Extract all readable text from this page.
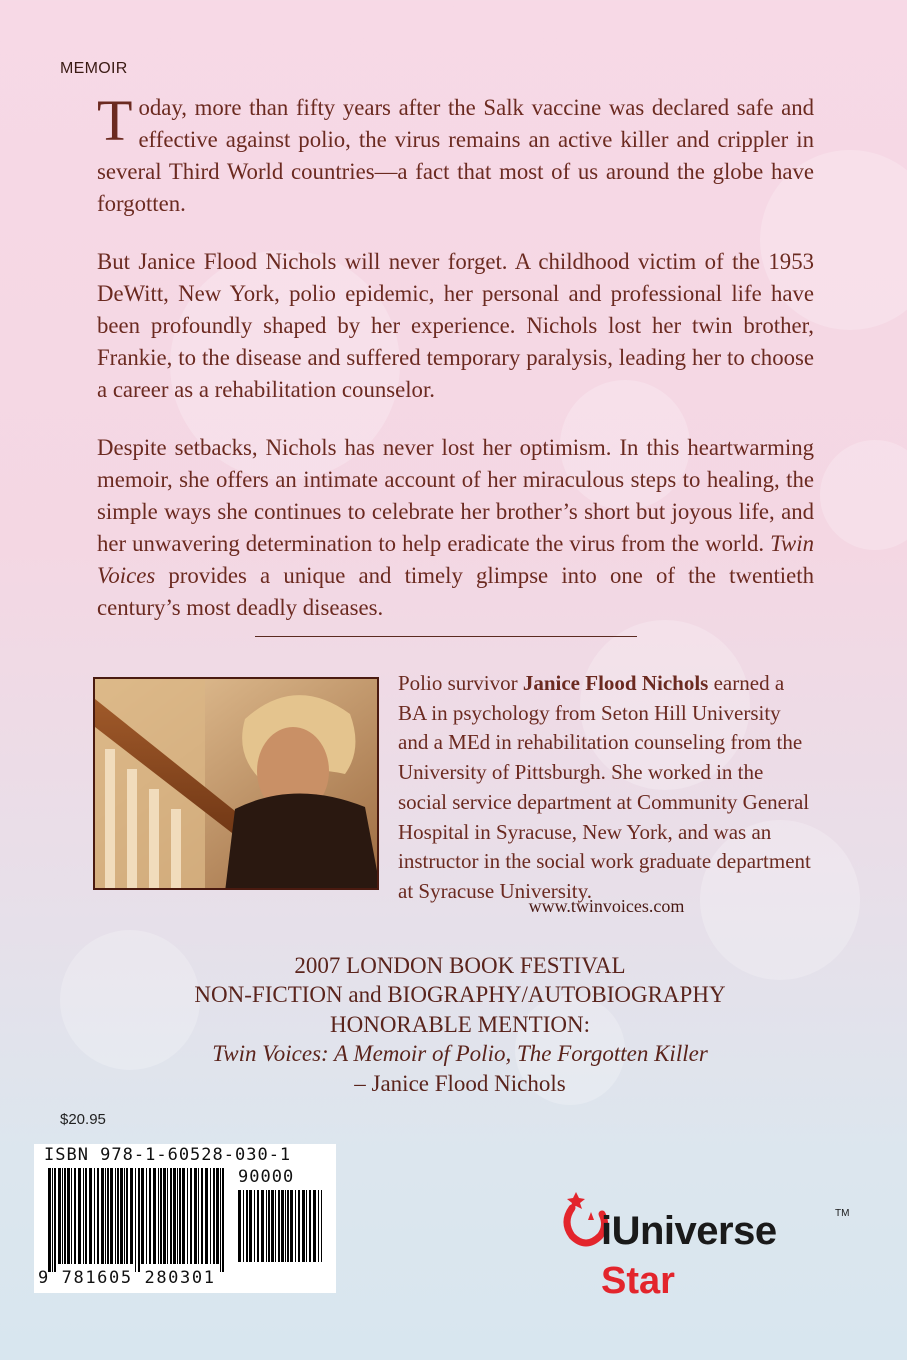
MEMOIR

Today, more than fifty years after the Salk vaccine was declared safe and effective against polio, the virus remains an active killer and crippler in several Third World countries—a fact that most of us around the globe have forgotten.

But Janice Flood Nichols will never forget. A childhood victim of the 1953 DeWitt, New York, polio epidemic, her personal and professional life have been profoundly shaped by her experience. Nichols lost her twin brother, Frankie, to the disease and suffered temporary paralysis, leading her to choose a career as a rehabilitation counselor.

Despite setbacks, Nichols has never lost her optimism. In this heartwarming memoir, she offers an intimate account of her miraculous steps to healing, the simple ways she continues to celebrate her brother’s short but joyous life, and her unwavering determination to help eradicate the virus from the world. Twin Voices provides a unique and timely glimpse into one of the twentieth century’s most deadly diseases.

Polio survivor Janice Flood Nichols earned a BA in psychology from Seton Hill University and a MEd in rehabilitation counseling from the University of Pittsburgh. She worked in the social service department at Community General Hospital in Syracuse, New York, and was an instructor in the social work graduate department at Syracuse University.
www.twinvoices.com
2007 LONDON BOOK FESTIVAL
NON-FICTION and BIOGRAPHY/AUTOBIOGRAPHY
HONORABLE MENTION:
Twin Voices: A Memoir of Polio, The Forgotten Killer
– Janice Flood Nichols
$20.95
ISBN 978-1-60528-030-1
90000
9 781605 280301
iUniverse	TM
Star
